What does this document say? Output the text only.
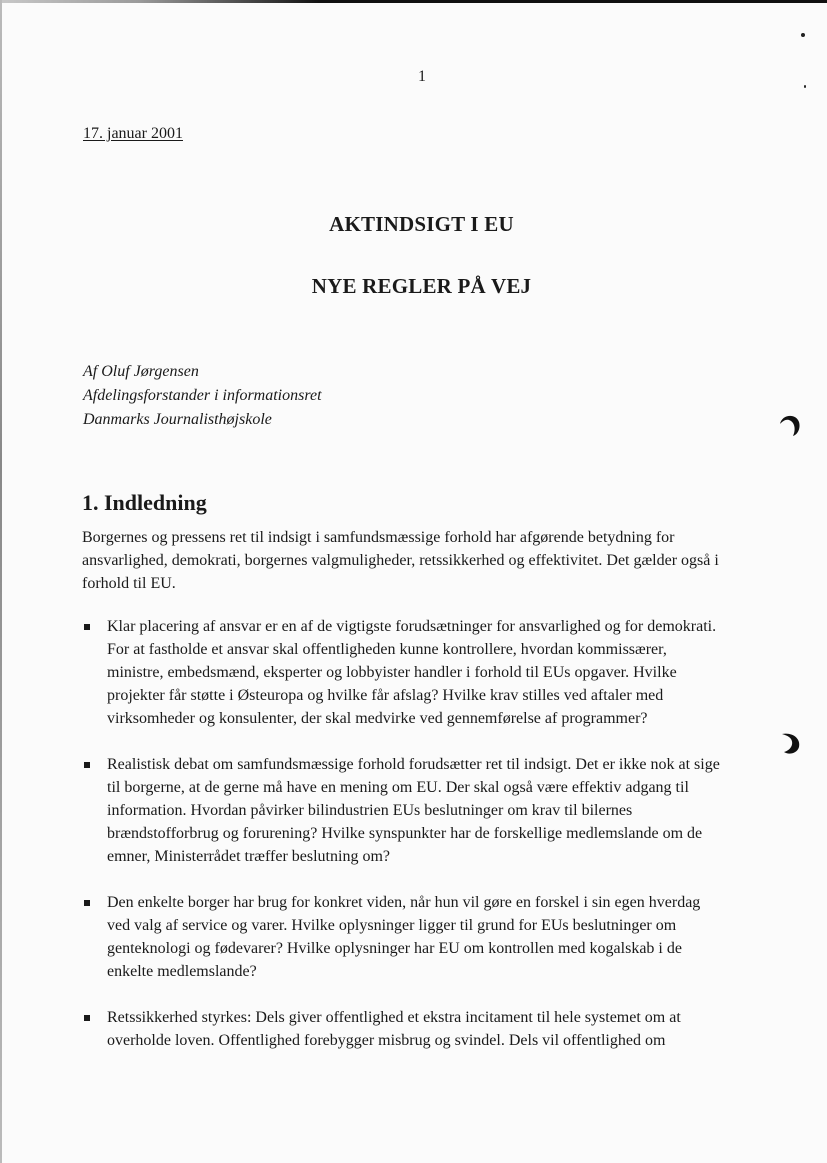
1
17. januar 2001
AKTINDSIGT I EU
NYE REGLER PÅ VEJ
Af Oluf Jørgensen
Afdelingsforstander i informationsret
Danmarks Journalisthøjskole
1. Indledning
Borgernes og pressens ret til indsigt i samfundsmæssige forhold har afgørende betydning for
ansvarlighed, demokrati, borgernes valgmuligheder, retssikkerhed og effektivitet. Det gælder også i
forhold til EU.
Klar placering af ansvar er en af de vigtigste forudsætninger for ansvarlighed og for demokrati.
For at fastholde et ansvar skal offentligheden kunne kontrollere, hvordan kommissærer,
ministre, embedsmænd, eksperter og lobbyister handler i forhold til EUs opgaver. Hvilke
projekter får støtte i Østeuropa og hvilke får afslag? Hvilke krav stilles ved aftaler med
virksomheder og konsulenter, der skal medvirke ved gennemførelse af programmer?
Realistisk debat om samfundsmæssige forhold forudsætter ret til indsigt. Det er ikke nok at sige
til borgerne, at de gerne må have en mening om EU. Der skal også være effektiv adgang til
information. Hvordan påvirker bilindustrien EUs beslutninger om krav til bilernes
brændstofforbrug og forurening? Hvilke synspunkter har de forskellige medlemslande om de
emner, Ministerrådet træffer beslutning om?
Den enkelte borger har brug for konkret viden, når hun vil gøre en forskel i sin egen hverdag
ved valg af service og varer. Hvilke oplysninger ligger til grund for EUs beslutninger om
genteknologi og fødevarer? Hvilke oplysninger har EU om kontrollen med kogalskab i de
enkelte medlemslande?
Retssikkerhed styrkes: Dels giver offentlighed et ekstra incitament til hele systemet om at
overholde loven. Offentlighed forebygger misbrug og svindel. Dels vil offentlighed om
